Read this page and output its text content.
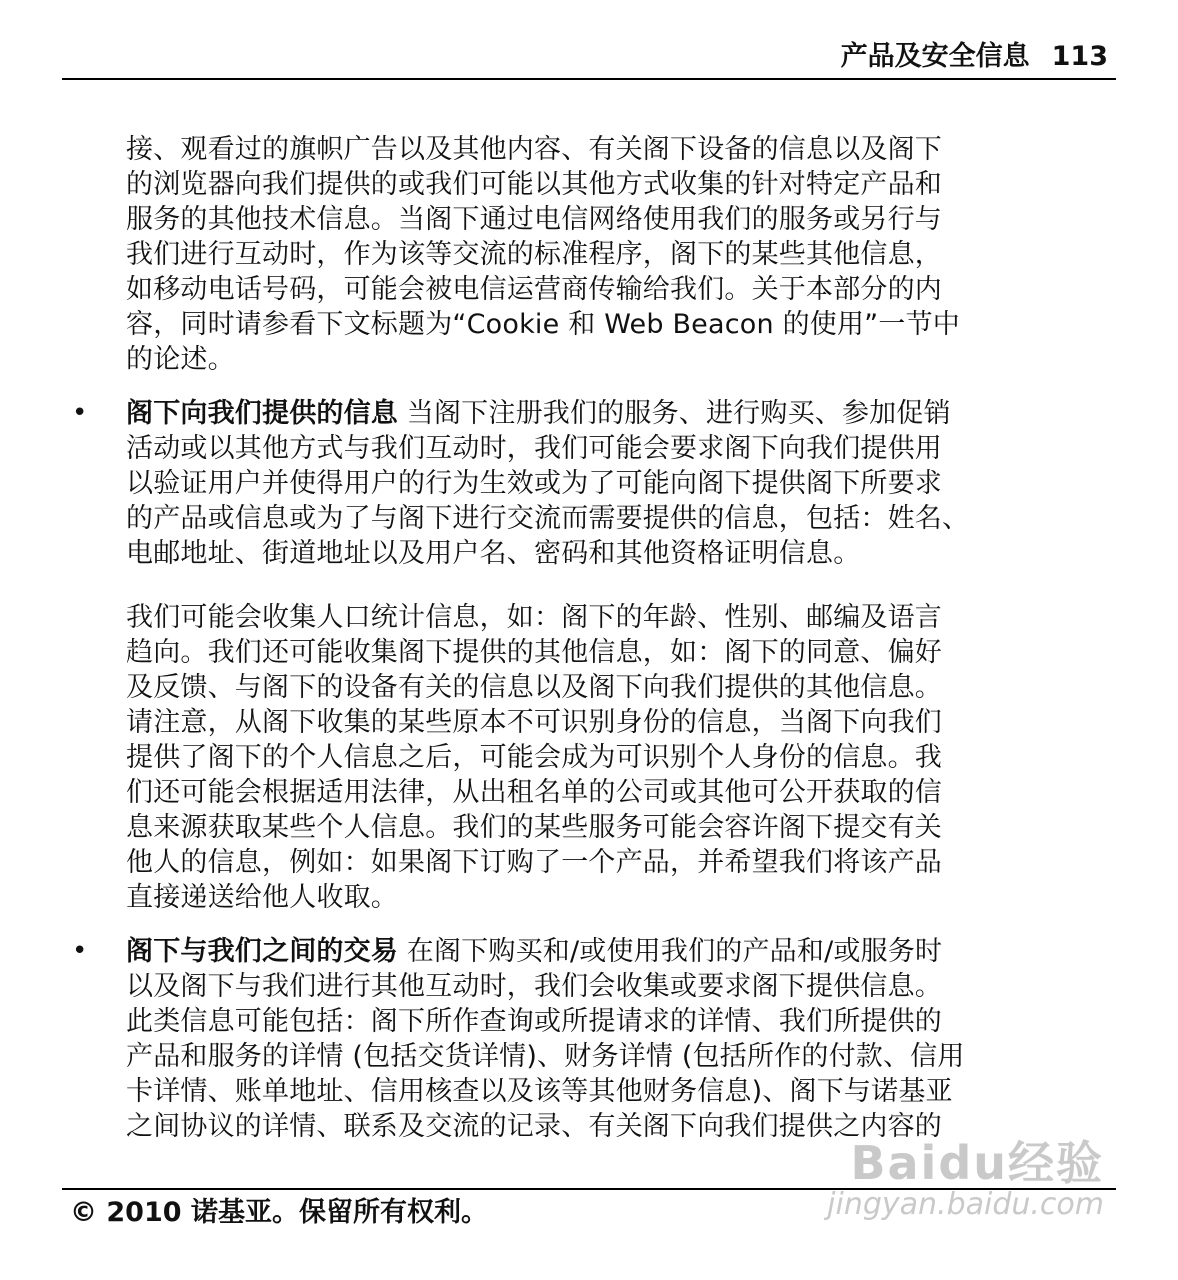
产品及安全信息 113
接、观看过的旗帜广告以及其他内容、有关阁下设备的信息以及阁下
的浏览器向我们提供的或我们可能以其他方式收集的针对特定产品和
服务的其他技术信息。当阁下通过电信网络使用我们的服务或另行与
我们进行互动时，作为该等交流的标准程序，阁下的某些其他信息，
如移动电话号码，可能会被电信运营商传输给我们。关于本部分的内
容，同时请参看下文标题为“Cookie 和 Web Beacon 的使用”一节中
的论述。
• 阁下向我们提供的信息 当阁下注册我们的服务、进行购买、参加促销
活动或以其他方式与我们互动时，我们可能会要求阁下向我们提供用
以验证用户并使得用户的行为生效或为了可能向阁下提供阁下所要求
的产品或信息或为了与阁下进行交流而需要提供的信息，包括：姓名、
电邮地址、街道地址以及用户名、密码和其他资格证明信息。
我们可能会收集人口统计信息，如：阁下的年龄、性别、邮编及语言
趋向。我们还可能收集阁下提供的其他信息，如：阁下的同意、偏好
及反馈、与阁下的设备有关的信息以及阁下向我们提供的其他信息。
请注意，从阁下收集的某些原本不可识别身份的信息，当阁下向我们
提供了阁下的个人信息之后，可能会成为可识别个人身份的信息。我
们还可能会根据适用法律，从出租名单的公司或其他可公开获取的信
息来源获取某些个人信息。我们的某些服务可能会容许阁下提交有关
他人的信息，例如：如果阁下订购了一个产品，并希望我们将该产品
直接递送给他人收取。
• 阁下与我们之间的交易 在阁下购买和/或使用我们的产品和/或服务时
以及阁下与我们进行其他互动时，我们会收集或要求阁下提供信息。
此类信息可能包括：阁下所作查询或所提请求的详情、我们所提供的
产品和服务的详情 (包括交货详情)、财务详情 (包括所作的付款、信用
卡详情、账单地址、信用核查以及该等其他财务信息)、阁下与诺基亚
之间协议的详情、联系及交流的记录、有关阁下向我们提供之内容的
Baidu经验
jingyan.baidu.com
© 2010 诺基亚。保留所有权利。
